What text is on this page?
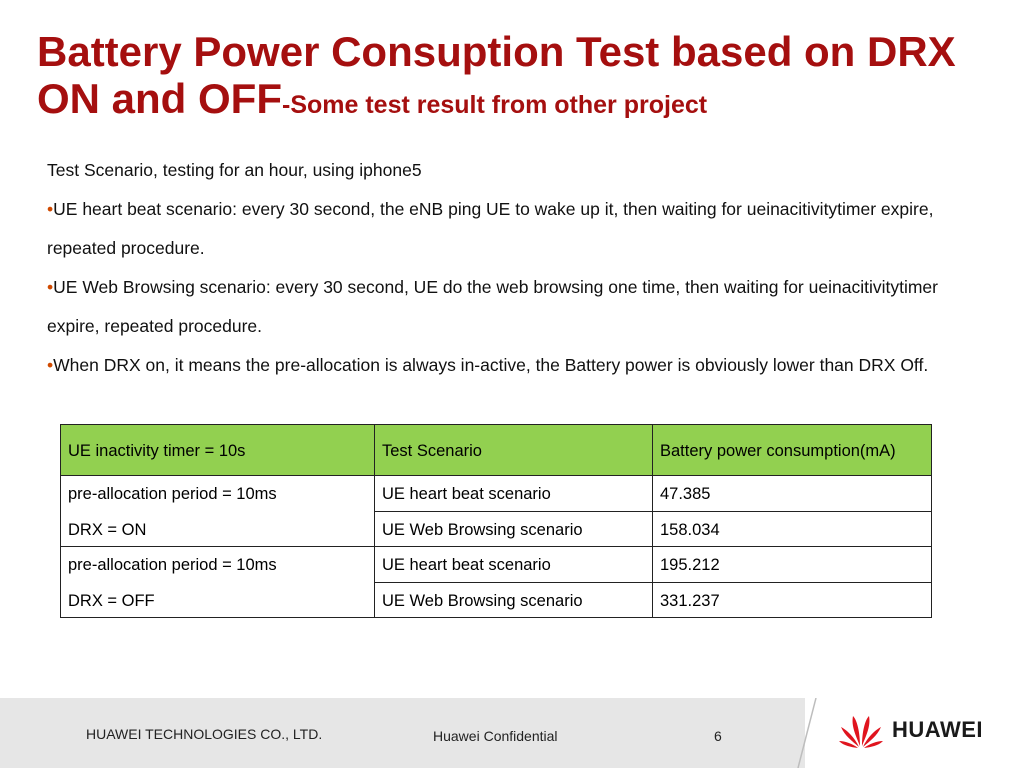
Battery Power Consuption Test based on DRX ON and OFF-Some test result from other project

Test Scenario, testing for an hour, using iphone5

•UE heart beat scenario: every 30 second, the eNB ping UE to wake up it, then waiting for ueinacitivitytimer expire, repeated procedure.

•UE Web Browsing scenario: every 30 second, UE do the web browsing one time, then waiting for ueinacitivitytimer expire, repeated procedure.

•When DRX on, it means the pre-allocation is always in-active, the Battery power is obviously lower than DRX Off.

UE inactivity timer = 10s	Test Scenario	Battery power consumption(mA)

pre-allocation period = 10ms
DRX = ON	UE heart beat scenario	47.385

	UE Web Browsing scenario	158.034

pre-allocation period = 10ms
DRX = OFF	UE heart beat scenario	195.212

	UE Web Browsing scenario	331.237
HUAWEI TECHNOLOGIES CO., LTD.	Huawei Confidential	6	HUAWEI
